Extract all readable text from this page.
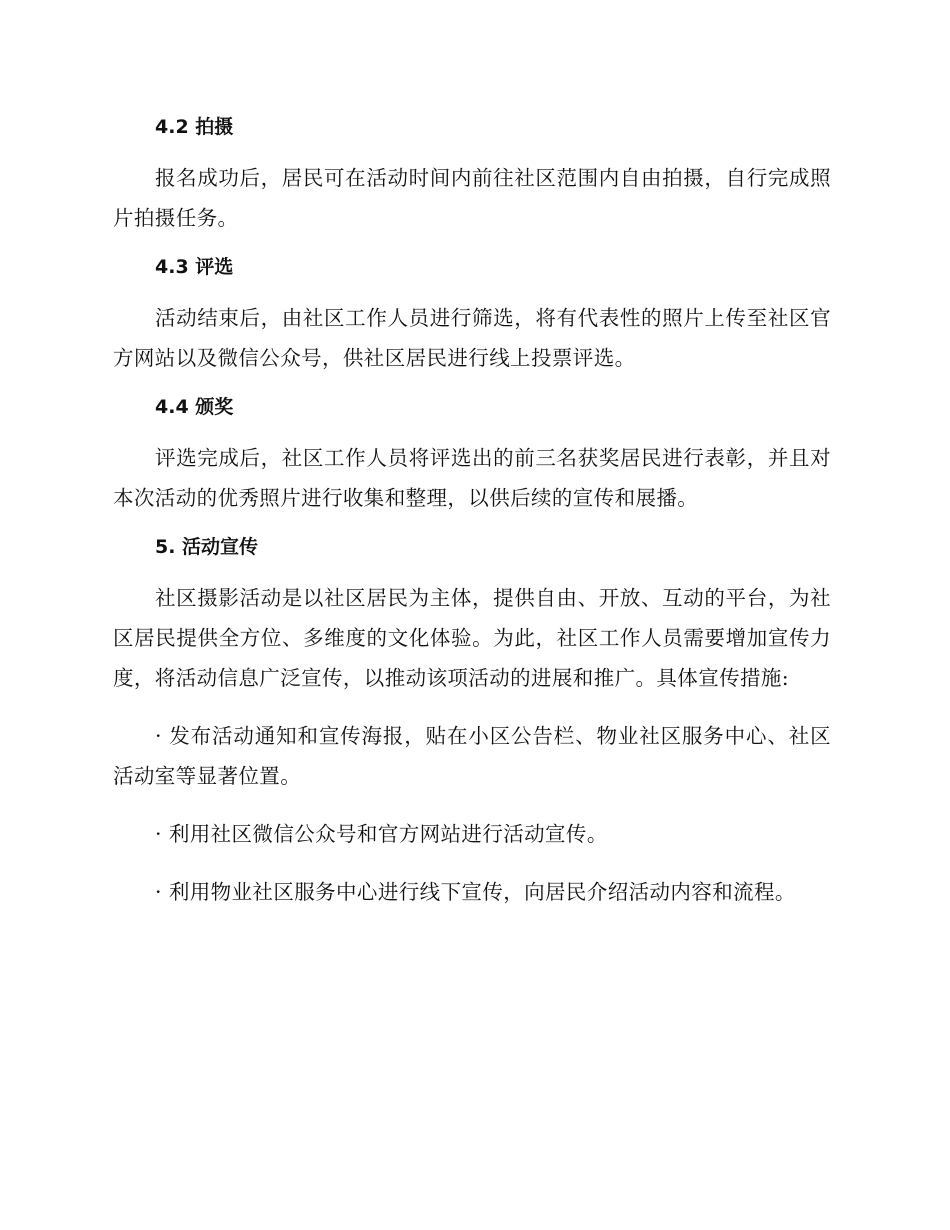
4.2 拍摄

报名成功后，居民可在活动时间内前往社区范围内自由拍摄，自行完成照片拍摄任务。

4.3 评选

活动结束后，由社区工作人员进行筛选，将有代表性的照片上传至社区官方网站以及微信公众号，供社区居民进行线上投票评选。

4.4 颁奖

评选完成后，社区工作人员将评选出的前三名获奖居民进行表彰，并且对本次活动的优秀照片进行收集和整理，以供后续的宣传和展播。

5. 活动宣传

社区摄影活动是以社区居民为主体，提供自由、开放、互动的平台，为社区居民提供全方位、多维度的文化体验。为此，社区工作人员需要增加宣传力度，将活动信息广泛宣传，以推动该项活动的进展和推广。具体宣传措施:

· 发布活动通知和宣传海报，贴在小区公告栏、物业社区服务中心、社区活动室等显著位置。

· 利用社区微信公众号和官方网站进行活动宣传。

· 利用物业社区服务中心进行线下宣传，向居民介绍活动内容和流程。
